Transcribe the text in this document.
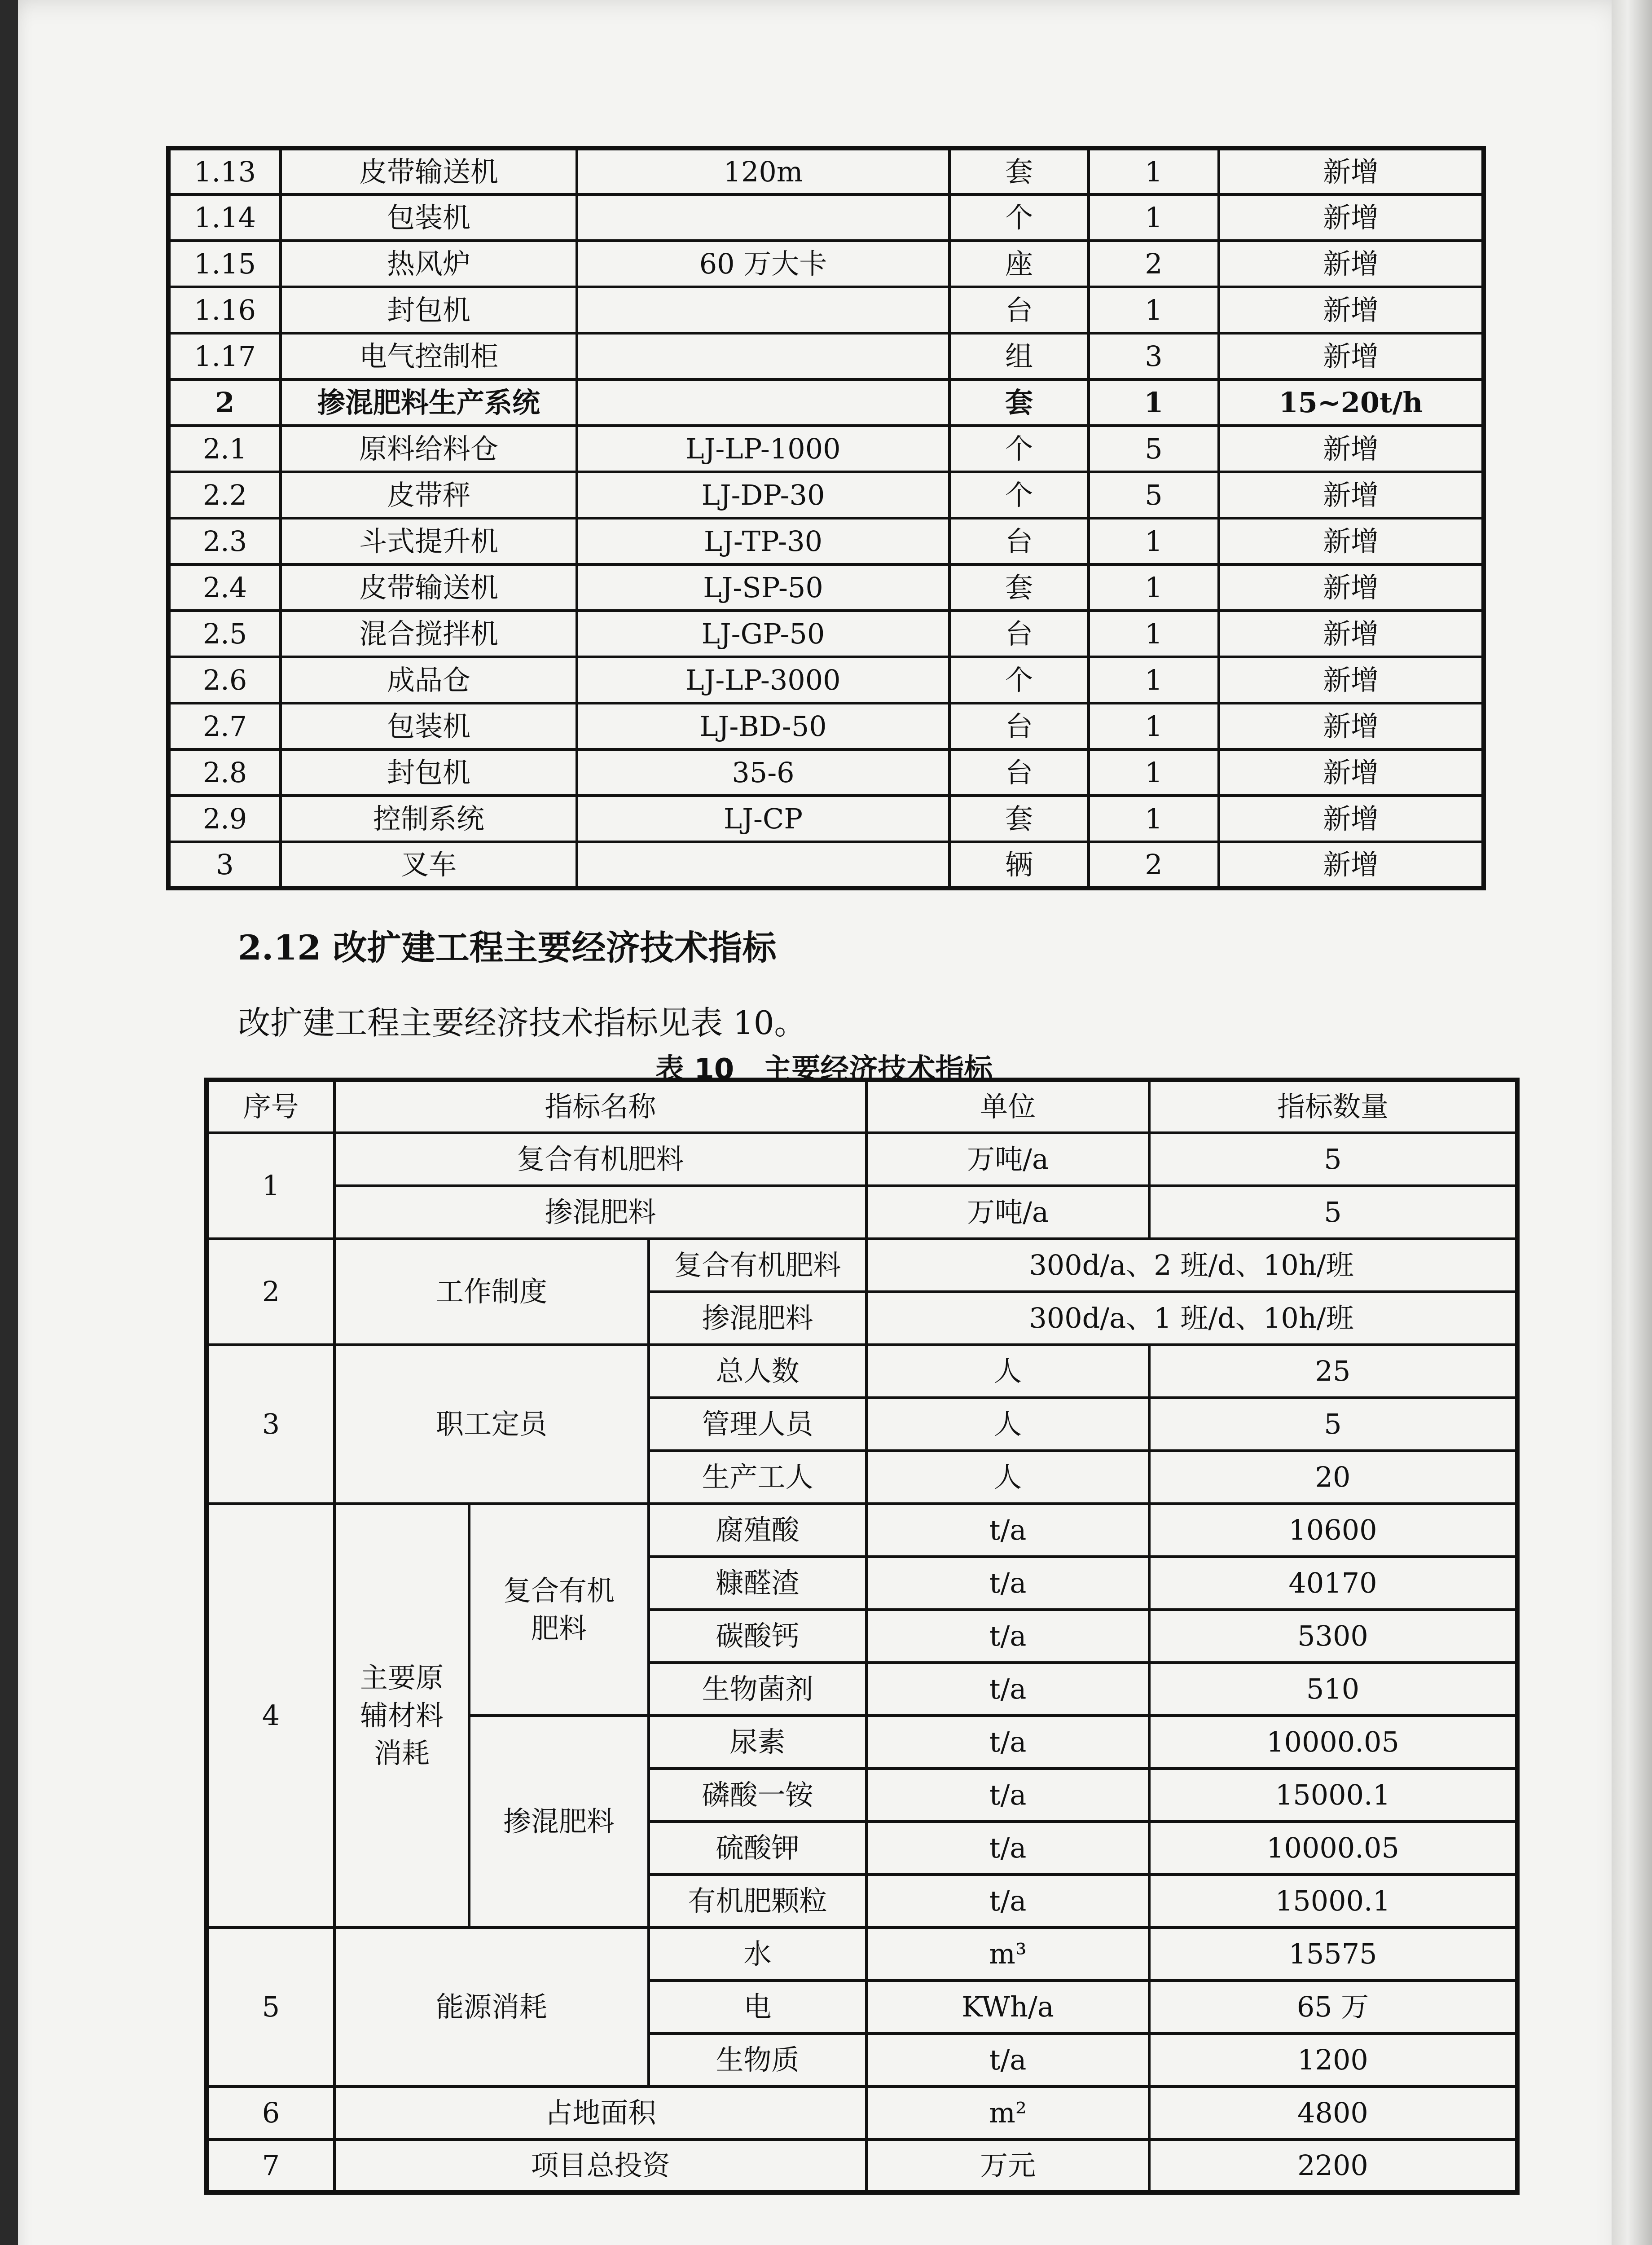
1.13	皮带输送机	120m	套	1	新增
1.14	包装机		个	1	新增
1.15	热风炉	60 万大卡	座	2	新增
1.16	封包机		台	1	新增
1.17	电气控制柜		组	3	新增
2	掺混肥料生产系统		套	1	15~20t/h
2.1	原料给料仓	LJ-LP-1000	个	5	新增
2.2	皮带秤	LJ-DP-30	个	5	新增
2.3	斗式提升机	LJ-TP-30	台	1	新增
2.4	皮带输送机	LJ-SP-50	套	1	新增
2.5	混合搅拌机	LJ-GP-50	台	1	新增
2.6	成品仓	LJ-LP-3000	个	1	新增
2.7	包装机	LJ-BD-50	台	1	新增
2.8	封包机	35-6	台	1	新增
2.9	控制系统	LJ-CP	套	1	新增
3	叉车		辆	2	新增
2.12 改扩建工程主要经济技术指标
改扩建工程主要经济技术指标见表 10。
表 10　主要经济技术指标
序号	指标名称			单位	指标数量
1	复合有机肥料			万吨/a	5
	掺混肥料			万吨/a	5
2	工作制度		复合有机肥料	300d/a、2 班/d、10h/班	
			掺混肥料	300d/a、1 班/d、10h/班	
3	职工定员		总人数	人	25
			管理人员	人	5
			生产工人	人	20
4	主要原辅材料消耗	复合有机肥料	腐殖酸	t/a	10600
			糠醛渣	t/a	40170
			碳酸钙	t/a	5300
			生物菌剂	t/a	510
		掺混肥料	尿素	t/a	10000.05
			磷酸一铵	t/a	15000.1
			硫酸钾	t/a	10000.05
			有机肥颗粒	t/a	15000.1
5	能源消耗		水	m³	15575
			电	KWh/a	65 万
			生物质	t/a	1200
6	占地面积			m²	4800
7	项目总投资			万元	2200
